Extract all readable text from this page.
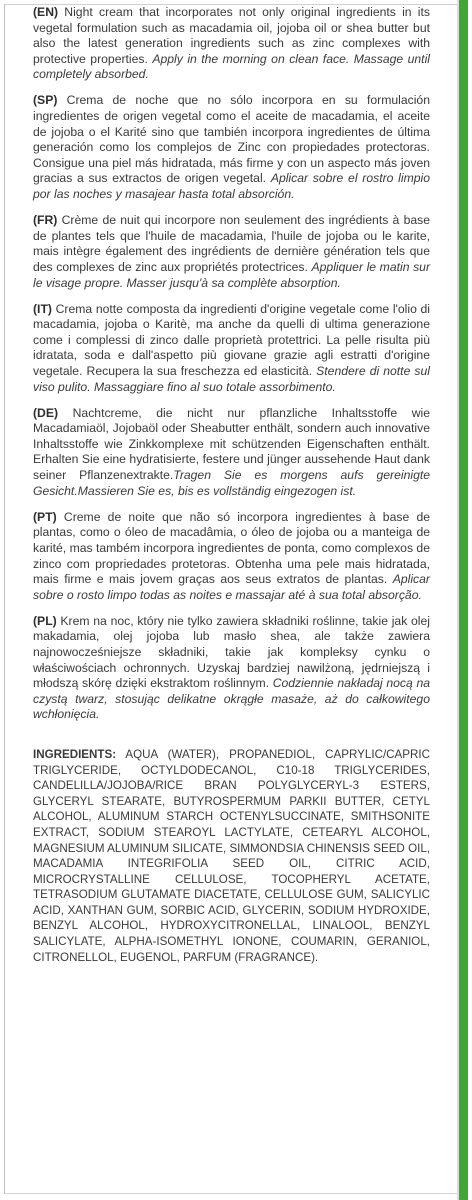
(EN) Night cream that incorporates not only original ingredients in its vegetal formulation such as macadamia oil, jojoba oil or shea butter but also the latest generation ingredients such as zinc complexes with protective properties. Apply in the morning on clean face. Massage until completely absorbed.

(SP) Crema de noche que no sólo incorpora en su formulación ingredientes de origen vegetal como el aceite de macadamia, el aceite de jojoba o el Karité sino que también incorpora ingredientes de última generación como los complejos de Zinc con propiedades protectoras. Consigue una piel más hidratada, más firme y con un aspecto más joven gracias a sus extractos de origen vegetal. Aplicar sobre el rostro limpio por las noches y masajear hasta total absorción.

(FR) Crème de nuit qui incorpore non seulement des ingrédients à base de plantes tels que l'huile de macadamia, l'huile de jojoba ou le karite, mais intègre également des ingrédients de dernière génération tels que des complexes de zinc aux propriétés protectrices. Appliquer le matin sur le visage propre. Masser jusqu'à sa complète absorption.

(IT) Crema notte composta da ingredienti d'origine vegetale come l'olio di macadamia, jojoba o Karitè, ma anche da quelli di ultima generazione come i complessi di zinco dalle proprietà protettrici. La pelle risulta più idratata, soda e dall'aspetto più giovane grazie agli estratti d'origine vegetale. Recupera la sua freschezza ed elasticità. Stendere di notte sul viso pulito. Massaggiare fino al suo totale assorbimento.

(DE) Nachtcreme, die nicht nur pflanzliche Inhaltsstoffe wie Macadamiaöl, Jojobaöl oder Sheabutter enthält, sondern auch innovative Inhaltsstoffe wie Zinkkomplexe mit schützenden Eigenschaften enthält. Erhalten Sie eine hydratisierte, festere und jünger aussehende Haut dank seiner Pflanzenextrakte.Tragen Sie es morgens aufs gereinigte Gesicht.Massieren Sie es, bis es vollständig eingezogen ist.

(PT) Creme de noite que não só incorpora ingredientes à base de plantas, como o óleo de macadâmia, o óleo de jojoba ou a manteiga de karité, mas também incorpora ingredientes de ponta, como complexos de zinco com propriedades protetoras. Obtenha uma pele mais hidratada, mais firme e mais jovem graças aos seus extratos de plantas. Aplicar sobre o rosto limpo todas as noites e massajar até à sua total absorção.

(PL) Krem na noc, który nie tylko zawiera składniki roślinne, takie jak olej makadamia, olej jojoba lub masło shea, ale także zawiera najnowocześniejsze składniki, takie jak kompleksy cynku o właściwościach ochronnych. Uzyskaj bardziej nawilżoną, jędrniejszą i młodszą skórę dzięki ekstraktom roślinnym. Codziennie nakładaj nocą na czystą twarz, stosując delikatne okrągłe masaże, aż do całkowitego wchłonięcia.

INGREDIENTS: AQUA (WATER), PROPANEDIOL, CAPRYLIC/CAPRIC TRIGLYCERIDE, OCTYLDODECANOL, C10-18 TRIGLYCERIDES, CANDELILLA/JOJOBA/RICE BRAN POLYGLYCERYL-3 ESTERS, GLYCERYL STEARATE, BUTYROSPERMUM PARKII BUTTER, CETYL ALCOHOL, ALUMINUM STARCH OCTENYLSUCCINATE, SMITHSONITE EXTRACT, SODIUM STEAROYL LACTYLATE, CETEARYL ALCOHOL, MAGNESIUM ALUMINUM SILICATE, SIMMONDSIA CHINENSIS SEED OIL, MACADAMIA INTEGRIFOLIA SEED OIL, CITRIC ACID, MICROCRYSTALLINE CELLULOSE, TOCOPHERYL ACETATE, TETRASODIUM GLUTAMATE DIACETATE, CELLULOSE GUM, SALICYLIC ACID, XANTHAN GUM, SORBIC ACID, GLYCERIN, SODIUM HYDROXIDE, BENZYL ALCOHOL, HYDROXYCITRONELLAL, LINALOOL, BENZYL SALICYLATE, ALPHA-ISOMETHYL IONONE, COUMARIN, GERANIOL, CITRONELLOL, EUGENOL, PARFUM (FRAGRANCE).
